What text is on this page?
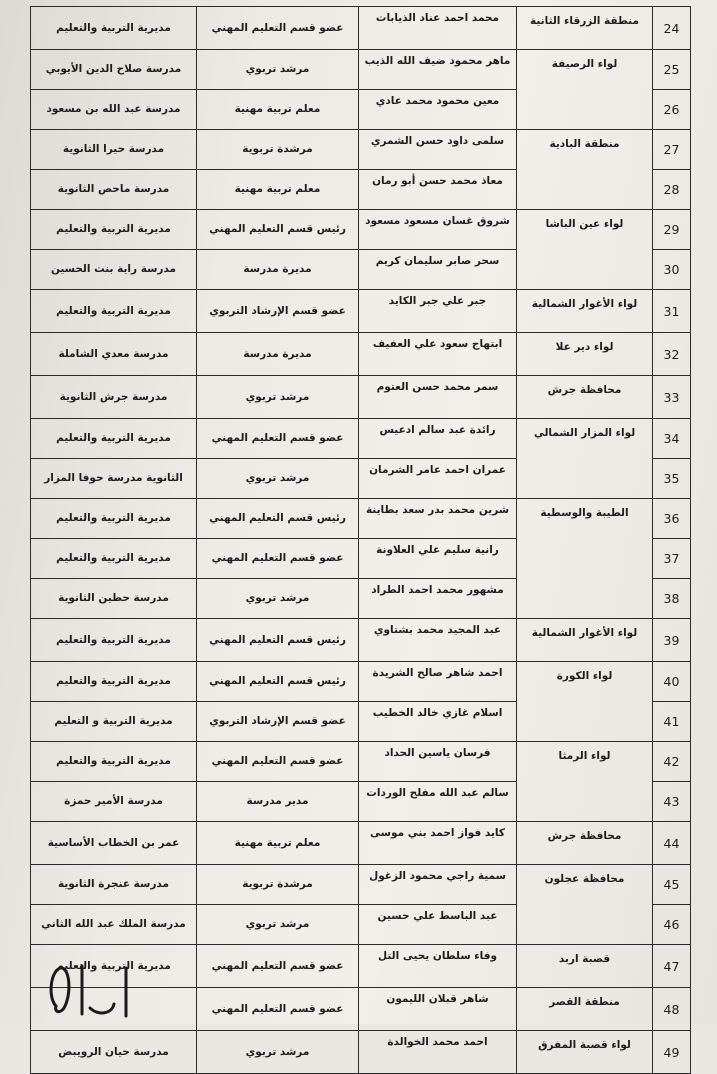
24	منطقة الزرقاء الثانية	محمد احمد عناد الذيابات	عضو قسم التعليم المهني	مديرية التربية والتعليم
25	لواء الرصيفة	ماهر محمود ضيف الله الذيب	مرشد تربوي	مدرسة صلاح الدين الأيوبي
26		معين محمود محمد عادي	معلم تربية مهنية	مدرسة عبد الله بن مسعود
27	منطقة البادية	سلمى داود حسن الشمري	مرشدة تربوية	مدرسة حيرا الثانوية
28		معاذ محمد حسن أبو رمان	معلم تربية مهنية	مدرسة ماحص الثانوية
29	لواء عين الباشا	شروق غسان مسعود مسعود	رئيس قسم التعليم المهني	مديرية التربية والتعليم
30		سحر صابر سليمان كريم	مديرة مدرسة	مدرسة راية بنت الحسين
31	لواء الأغوار الشمالية	جبر علي جبر الكايد	عضو قسم الإرشاد التربوي	مديرية التربية والتعليم
32	لواء دير علا	ابتهاج سعود علي العفيف	مديرة مدرسة	مدرسة معدي الشاملة
33	محافظة جرش	سمر محمد حسن العتوم	مرشد تربوي	مدرسة جرش الثانوية
34	لواء المزار الشمالي	رائدة عبد سالم ادعيس	عضو قسم التعليم المهني	مديرية التربية والتعليم
35		عمران احمد عامر الشرمان	مرشد تربوي	الثانوية مدرسة حوفا المزار
36	الطيبة والوسطية	شرين محمد بدر سعد بطاينة	رئيس قسم التعليم المهني	مديرية التربية والتعليم
37		رانية سليم علي العلاونة	عضو قسم التعليم المهني	مديرية التربية والتعليم
38		مشهور محمد احمد الطراد	مرشد تربوي	مدرسة حطين الثانوية
39	لواء الأغوار الشمالية	عبد المجيد محمد بشتاوي	رئيس قسم التعليم المهني	مديرية التربية والتعليم
40	لواء الكورة	احمد شاهر صالح الشريدة	رئيس قسم التعليم المهني	مديرية التربية والتعليم
41		اسلام غازي خالد الخطيب	عضو قسم الإرشاد التربوي	مديرية التربية و التعليم
42	لواء الرمثا	فرسان ياسين الحداد	عضو قسم التعليم المهني	مديرية التربية والتعليم
43		سالم عبد الله مفلح الوردات	مدير مدرسة	مدرسة الأمير حمزة
44	محافظة جرش	كايد فواز احمد بني موسى	معلم تربية مهنية	عمر بن الخطاب الأساسية
45	محافظة عجلون	سمية راجي محمود الزغول	مرشدة تربوية	مدرسة عنجرة الثانوية
46		عبد الباسط علي حسين	مرشد تربوي	مدرسة الملك عبد الله الثاني
47	قصبة اربد	وفاء سلطان يحيى التل	عضو قسم التعليم المهني	مديرية التربية والتعليم
48	منطقة القصر	شاهر قبلان الليمون	عضو قسم التعليم المهني	
49	لواء قصبة المفرق	احمد محمد الخوالدة	مرشد تربوي	مدرسة حيان الرويبض
